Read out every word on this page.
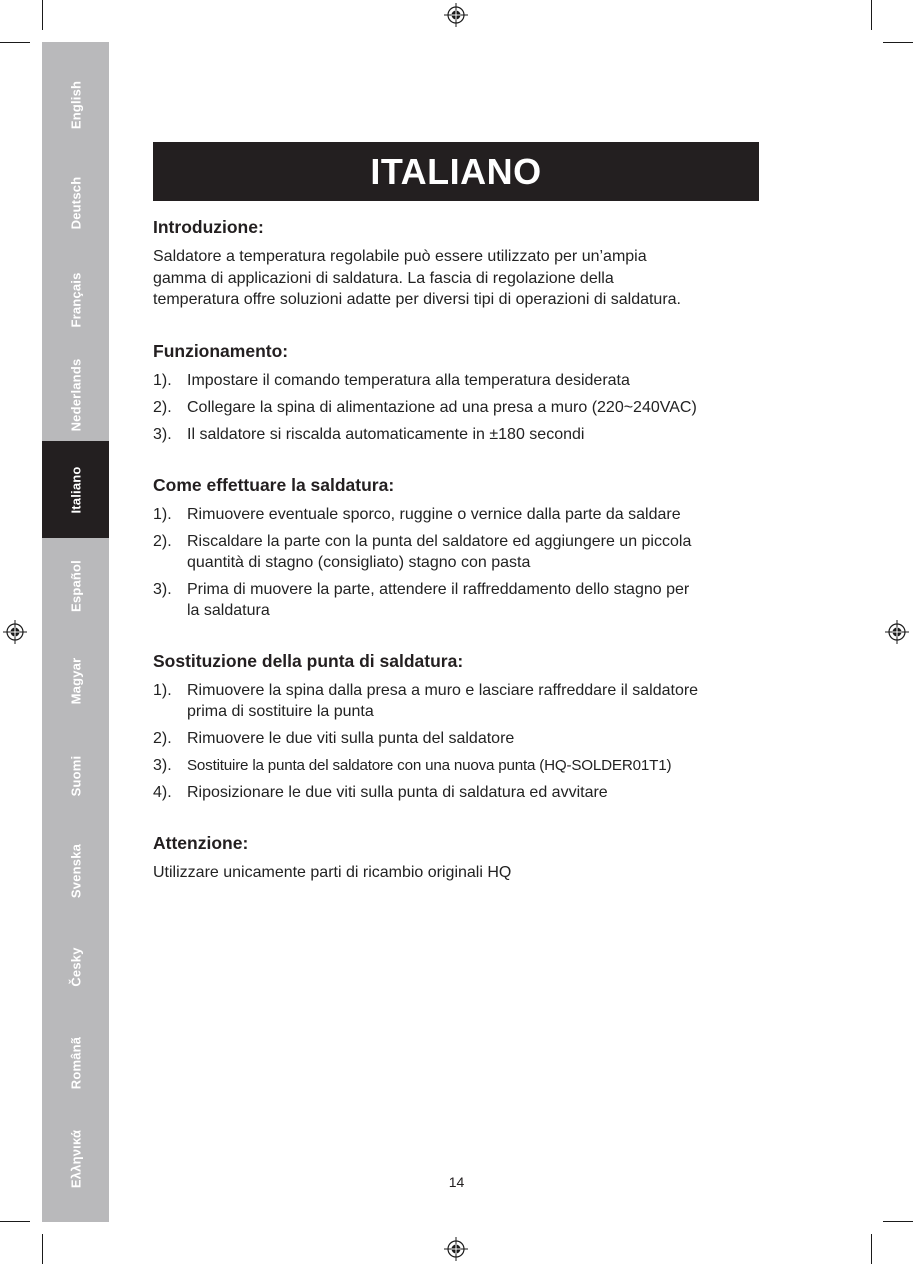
English
Deutsch
Français
Nederlands
Italiano
Español
Magyar
Suomi
Svenska
Česky
Românã
Ελληνικά
ITALIANO

Introduzione:

Saldatore a temperatura regolabile può essere utilizzato per un’ampia
gamma di applicazioni di saldatura. La fascia di regolazione della
temperatura offre soluzioni adatte per diversi tipi di operazioni di saldatura.

Funzionamento:

1). Impostare il comando temperatura alla temperatura desiderata
2). Collegare la spina di alimentazione ad una presa a muro (220~240VAC)
3). Il saldatore si riscalda automaticamente in ±180 secondi

Come effettuare la saldatura:

1). Rimuovere eventuale sporco, ruggine o vernice dalla parte da saldare
2). Riscaldare la parte con la punta del saldatore ed aggiungere un piccola
quantità di stagno (consigliato) stagno con pasta
3). Prima di muovere la parte, attendere il raffreddamento dello stagno per
la saldatura

Sostituzione della punta di saldatura:

1). Rimuovere la spina dalla presa a muro e lasciare raffreddare il saldatore
prima di sostituire la punta
2). Rimuovere le due viti sulla punta del saldatore
3). Sostituire la punta del saldatore con una nuova punta (HQ-SOLDER01T1)
4). Riposizionare le due viti sulla punta di saldatura ed avvitare

Attenzione:

Utilizzare unicamente parti di ricambio originali HQ

14
